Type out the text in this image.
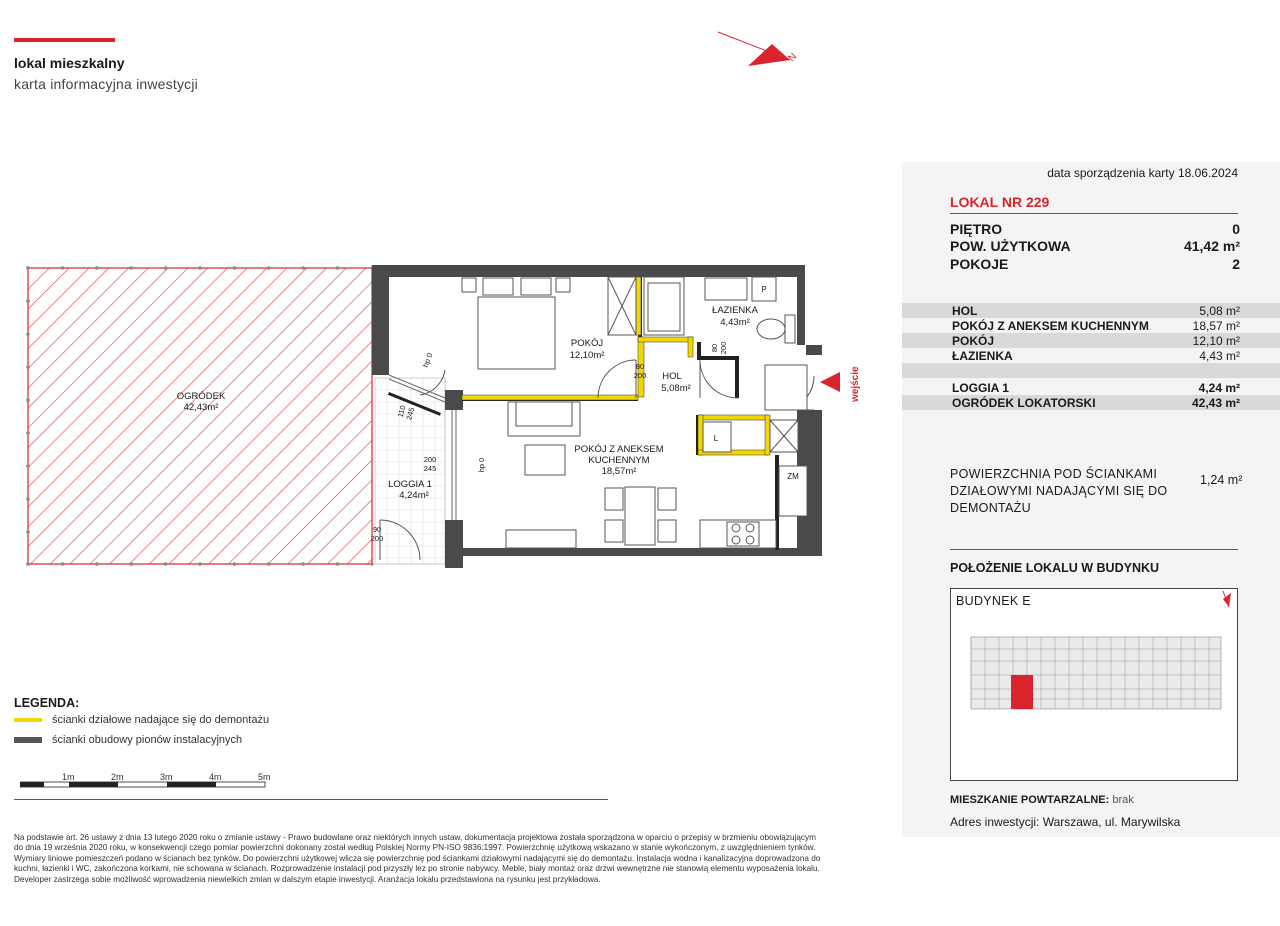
lokal mieszkalny
karta informacyjna inwestycji
N
wejście
POKÓJ
12,10m²
ŁAZIENKA
4,43m²
HOL
5,08m²
POKÓJ Z ANEKSEM
KUCHENNYM
18,57m²
OGRÓDEK
42,43m²
LOGGIA 1
4,24m²
P
L
ZM
80 200
80200
200 245
110245
90 200
hp 0
hp 0
1m	2m	3m	4m	5m
LEGENDA:
ścianki działowe nadające się do demontażu
ścianki obudowy pionów instalacyjnych
Na podstawie art. 26 ustawy z dnia 13 lutego 2020 roku o zmianie ustawy - Prawo budowlane oraz niektórych innych ustaw, dokumentacja projektowa została sporządzona w oparciu o przepisy w brzmieniu obowiązującym do dnia 19 września 2020 roku, w konsekwencji czego pomiar powierzchni dokonany został według Polskiej Normy PN-ISO 9836:1997. Powierzchnię użytkową wskazano w stanie wykończonym, z uwzględnieniem tynków. Wymiary liniowe pomieszczeń podano w ścianach bez tynków. Do powierzchni użytkowej wlicza się powierzchnię pod ściankami działowymi nadającymi się do demontażu. Instalacja wodna i kanalizacyjna doprowadzona do kuchni, łazienki i WC, zakończona korkami, nie schowana w ścianach. Rozprowadzenie instalacji pod przyszły lez po stronie nabywcy. Meble, biały montaż oraz drzwi wewnętrzne nie stanowią elementu wyposażenia lokalu. Developer zastrzega sobie możliwość wprowadzenia niewielkich zmian w dalszym etapie inwestycji. Aranżacja lokalu przedstawiona na rysunku jest przykładowa.
data sporządzenia karty 18.06.2024
LOKAL NR 229
PIĘTRO	0
POW. UŻYTKOWA	41,42 m²
POKOJE	2
HOL	5,08 m²
POKÓJ Z ANEKSEM KUCHENNYM	18,57 m²
POKÓJ	12,10 m²
ŁAZIENKA	4,43 m²
LOGGIA 1	4,24 m²
OGRÓDEK LOKATORSKI	42,43 m²
POWIERZCHNIA POD ŚCIANKAMI DZIAŁOWYMI NADAJĄCYMI SIĘ DO DEMONTAŻU
1,24 m²
POŁOŻENIE LOKALU W BUDYNKU
BUDYNEK E
MIESZKANIE POWTARZALNE: brak
Adres inwestycji: Warszawa, ul. Marywilska
